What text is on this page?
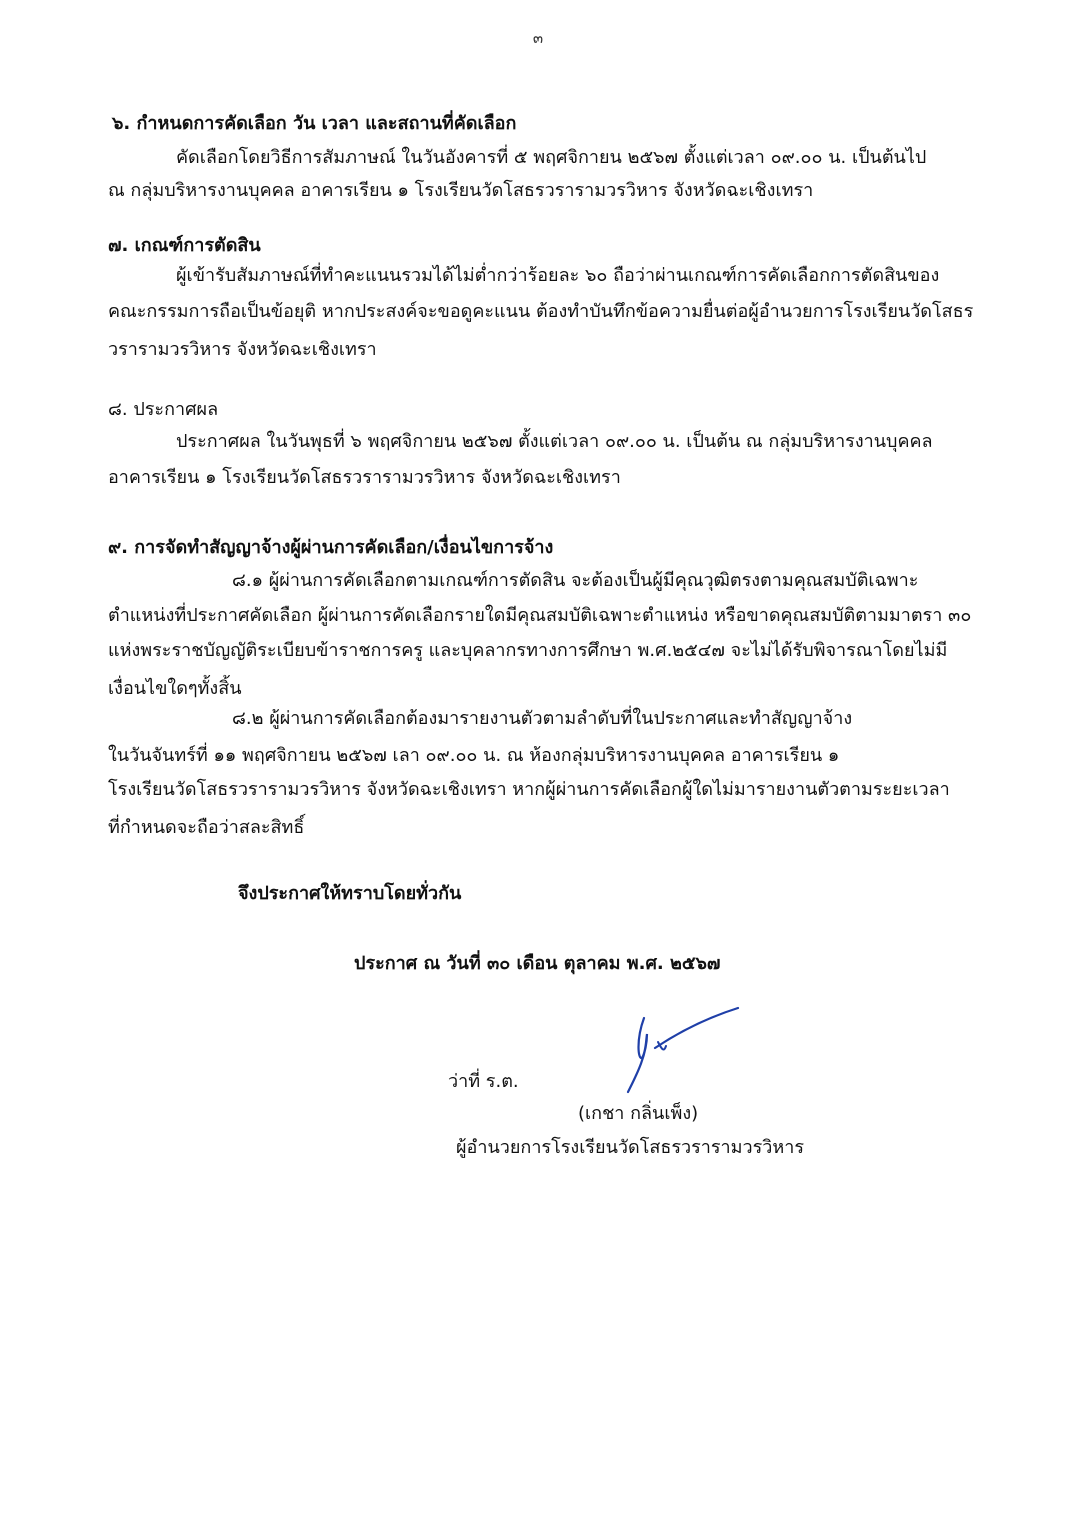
๓
๖. กำหนดการคัดเลือก วัน เวลา และสถานที่คัดเลือก
คัดเลือกโดยวิธีการสัมภาษณ์ ในวันอังคารที่ ๕ พฤศจิกายน ๒๕๖๗ ตั้งแต่เวลา ๐๙.๐๐ น. เป็นต้นไป
ณ กลุ่มบริหารงานบุคคล อาคารเรียน ๑ โรงเรียนวัดโสธรวรารามวรวิหาร จังหวัดฉะเชิงเทรา
๗. เกณฑ์การตัดสิน
ผู้เข้ารับสัมภาษณ์ที่ทำคะแนนรวมได้ไม่ต่ำกว่าร้อยละ ๖๐ ถือว่าผ่านเกณฑ์การคัดเลือกการตัดสินของ
คณะกรรมการถือเป็นข้อยุติ หากประสงค์จะขอดูคะแนน ต้องทำบันทึกข้อความยื่นต่อผู้อำนวยการโรงเรียนวัดโสธร
วรารามวรวิหาร จังหวัดฉะเชิงเทรา
๘. ประกาศผล
ประกาศผล ในวันพุธที่ ๖ พฤศจิกายน ๒๕๖๗ ตั้งแต่เวลา ๐๙.๐๐ น. เป็นต้น ณ กลุ่มบริหารงานบุคคล
อาคารเรียน ๑ โรงเรียนวัดโสธรวรารามวรวิหาร จังหวัดฉะเชิงเทรา
๙. การจัดทำสัญญาจ้างผู้ผ่านการคัดเลือก/เงื่อนไขการจ้าง
๘.๑ ผู้ผ่านการคัดเลือกตามเกณฑ์การตัดสิน จะต้องเป็นผู้มีคุณวุฒิตรงตามคุณสมบัติเฉพาะ
ตำแหน่งที่ประกาศคัดเลือก ผู้ผ่านการคัดเลือกรายใดมีคุณสมบัติเฉพาะตำแหน่ง หรือขาดคุณสมบัติตามมาตรา ๓๐
แห่งพระราชบัญญัติระเบียบข้าราชการครู และบุคลากรทางการศึกษา พ.ศ.๒๕๔๗ จะไม่ได้รับพิจารณาโดยไม่มี
เงื่อนไขใดๆทั้งสิ้น
๘.๒ ผู้ผ่านการคัดเลือกต้องมารายงานตัวตามลำดับที่ในประกาศและทำสัญญาจ้าง
ในวันจันทร์ที่ ๑๑ พฤศจิกายน ๒๕๖๗ เลา ๐๙.๐๐ น. ณ ห้องกลุ่มบริหารงานบุคคล อาคารเรียน ๑
โรงเรียนวัดโสธรวรารามวรวิหาร จังหวัดฉะเชิงเทรา หากผู้ผ่านการคัดเลือกผู้ใดไม่มารายงานตัวตามระยะเวลา
ที่กำหนดจะถือว่าสละสิทธิ์
จึงประกาศให้ทราบโดยทั่วกัน
ประกาศ ณ วันที่ ๓๐ เดือน ตุลาคม พ.ศ. ๒๕๖๗
ว่าที่ ร.ต.
(เกชา กลิ่นเพ็ง)
ผู้อำนวยการโรงเรียนวัดโสธรวรารามวรวิหาร
